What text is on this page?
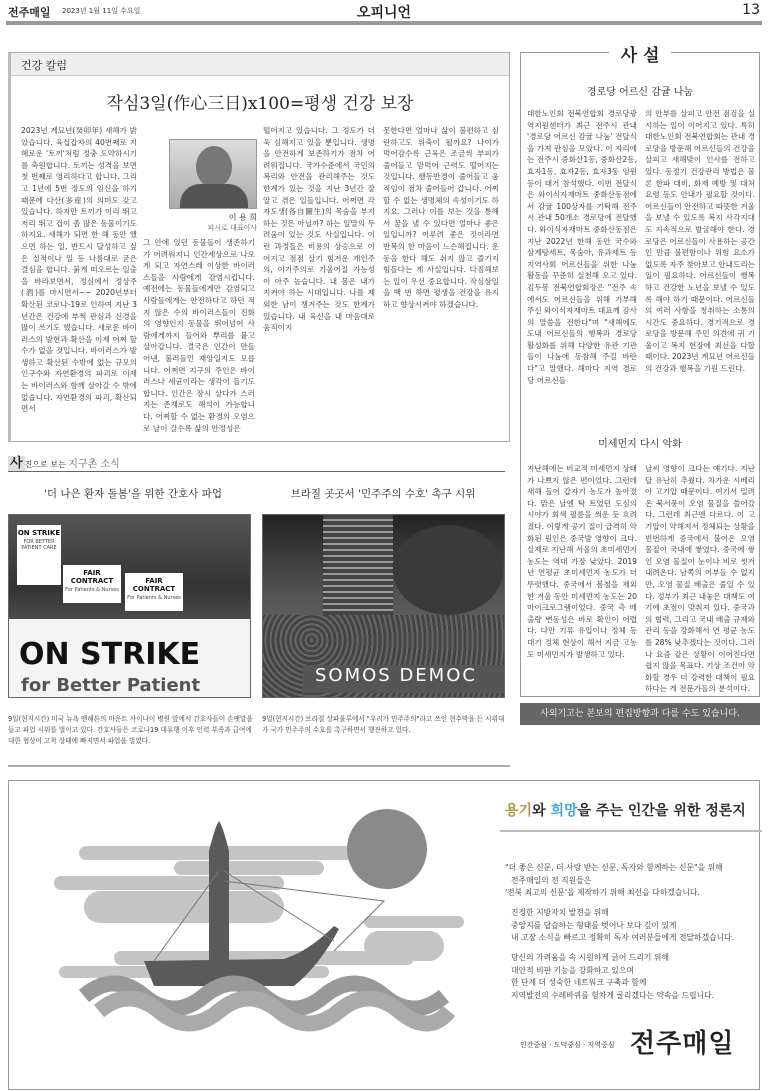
전주매일 2023년 1월 11일 수요일	오피니언	13
건강 칼럼
작심3일(作心三日)x100=평생 건강 보장
2023년 계묘년(癸卯年) 새해가 밝았습니다. 육십갑자의 40번째로 지혜로운 '토끼'처럼 정충 도약하시기를 축원합니다. 토끼는 성격을 보면 첫 번째로 영리하다고 합니다. 그리고 1년에 5번 정도의 임신을 하기 때문에 다산(多産)의 의미도 갖고 있습니다. 하지만 토끼가 이리 뛰고 저리 뛰고 겁이 좀 많은 동물이기도 하지요. 새해가 되면 한 해 동안 했으면 하는 일, 반드시 달성하고 싶은 실적이나 일 등 나름대로 굳은 결심을 합니다. 붉게 떠오르는 일출을 바라보면서, 정심에서 정상주(酒)를 마시면서~~ 2020년부터 확산된 코로나-19로 인하여 지난 3년간은 건강에 부쩍 관심과 신경을 많이 쓰기도 했습니다. 새로운 바이러스의 발현과 확산을 이제 어찌 할 수가 없을 것입니다. 바이러스가 발생하고 확산된 수밖에 없는 규모의 인구수와 자연환경의 파괴로 이제는 바이러스와 함께 살아갈 수 밖에 없습니다. 자연환경의 파괴, 확산되면서
이 용 희
피시로 대표이사
그 안에 있던 동물들이 생존하기가 어려워지니 인간세상으로 나오게 되고 자연스레 이상한 바이러스들을 사람에게 감염시킵니다. 예전에는 동물들에게만 감염되고 사람들에게는 안전하다고 하던 적지 않은 수의 바이러스들이 진화의 영향인지 동물을 뛰어넘어 사람에게까지 들어와 뿌리를 붙고 살아갑니다. 결국은 인간이 만들어낸, 불러들인 재앙일지도 모릅니다. 어쩌면 지구의 주인은 바이러스나 세균이라는 생각이 들기도 합니다. 인간은 잠시 살다가 스러지는 존재로도 해석이 가능합니다. 어찌할 수 없는 환경의 오염으로 날이 갈수록 삶의 안정성은
떨어지고 있습니다. 그 정도가 더욱 심해지고 있을 뿐입니다. 생명을 안전하게 보존하기가 점차 어려워집니다. 국가수준에서 국민의 복리와 안전을 관리해주는 것도 한계가 있는 것을 지난 3년간 잘 알고 겪은 일들입니다. 어쩌면 각자도생(各自圖生)의 목숨을 부지하는 것은 아닐까? 하는 일말의 두려움이 있는 것도 사실입니다. 이런 과정들은 비용의 상승으로 이어지고 점점 살기 힘겨운 개인주의, 이기주의로 기울어질 가능성이 아주 높습니다. 내 몸은 내가 지켜야 하는 시대입니다. 나를 제외한 남이 챙겨주는 것도 한계가 있습니다. 내 육신을 내 마음대로 움직이지
못한다면 얼마나 삶이 불편하고 심란하고도 위축이 될까요? 나이가 먹어감수록 근육은 조금씩 부피가 줄어들고 맘먹어 근력도 떨어지는 것입니다. 행동반경이 줄어들고 움직임이 점차 줄어들어 갑니다. 어찌할 수 없는 생명체의 속성이기도 하지요. 그러나 이를 보는 것을 통해서 꿈을 낼 수 있다면 얼마나 좋은 일입니까? 이루려 좋은 것이라면 반복의 한 마음이 느슨해집니다. 운동을 한다 해도 쉬지 않고 즐기지 힘들다는 게 사실입니다. 다짐해보는 일이 우선 중요합니다. 작심삼일을 백 번 하면 평생을 건강을 유지하고 향상시켜야 하겠습니다.
사 설
경로당 어르신 감귤 나눔
대한노인회 전북연합회 경로당광역지원센터가 최근 전주시 관내 '경로당 어르신 감귤 나눔' 전달식을 가져 관심을 모았다. 이 자리에는 전주시 중화산1동, 중화산2동, 효자1동, 효자2동, 효자3동 임원 등이 대거 참석했다. 이번 전달식은 와이식자재마트 중화산동점에서 감귤 100상자를 기탁해 전주시 관내 50개소 경로당에 전달했다. 와이식자재마트 중화산동점은 지난 2022년 한해 동안 국수와 삼계탕세트, 목숨아, 유과세트 등 지역사회 어르신들을 위한 나눔 활동을 꾸준히 실천해 오고 있다. 김두봉 전북연합회장은 "전주 속에서도 어르신들을 위해 기부해 주신 와이식자재마트 대표께 감사의 말씀을 전한다"며 "새해에도 도내 어르신들의 행복과 경로당 활성화를 위해 다양한 유관 기관들이 나눔에 동참해 주길 바란다"고 말했다. 해마다 지역 경로당 어르신들
의 안부를 살피고 안전 점검을 실시하는 일이 이어지고 있다. 특히 대한노인회 전북연합회는 관내 경로당을 방문해 어르신들의 건강을 살피고 새해맞이 인사를 전하고 있다. 동절기 건강관리 방법은 물론 한파 대비, 화재 예방 및 대처 요령 등도 안내가 필요할 것이다. 어르신들이 안전하고 따뜻한 겨울을 보낼 수 있도록 복지 사각지대도 지속적으로 발굴해야 한다. 경로당은 어르신들이 사용하는 공간인 만큼 불편함이나 위험 요소가 없도록 자주 찾아보고 안내드리는 일이 필요하다. 어르신들이 행복하고 건강한 노년을 보낼 수 있도록 해야 하기 때문이다. 어르신들의 여러 사항을 청취하는 소통의 시간도 중요하다. 경기적으로 경로당을 방문해 주민 의견에 귀 기울이고 복지 현장에 최선을 다할 때이다. 2023년 계묘년 어르신들의 건강과 행복을 기원 드린다.
미세먼지 다시 악화
지난해에는 비교적 미세먼지 상태가 나쁘지 않은 편이었다. 그런데 새해 들어 갑자기 농도가 높아졌다. 맑은 날엔 탁 트였던 도심의 시야가 회색 필름을 씌운 듯 흐려졌다. 이렇게 공기 질이 급격히 악화된 원인은 중국발 영향이 크다. 실제로 지난해 서울의 초미세먼지 농도는 역대 가장 낮았다. 2019년 연평균 초미세먼지 농도가 더 뚜렷했다. 중국에서 봄철을 제외한 겨울 동안 미세먼지 농도는 20마이크로그램이었다. 중국 측 배출량 변동성은 바로 확인이 어렵다. 다만 기류 유입이나 정체 등 대기 정체 현상이 해서 지금 고농도 미세먼지가 발생하고 있다.
날씨 영향이 크다는 얘기다. 지난달 유난히 추웠다. 차가운 시베리아 고기압 때문이다. 여기서 밀려온 북서풍이 오염 물질을 쓸어갔다. 그런데 최근엔 다르다. 이 고기압이 약해져서 정체되는 상황을 빈번하게 중국에서 불어온 오염 물질이 국내에 쌓였다. 중국에 쌓인 오염 물질이 눈이나 비로 씻겨 내려온다. 남쪽의 어부들 수 없지만, 오염 물질 배출은 줄일 수 있다. 정부가 최근 내놓은 대책도 여기에 초점이 맞춰져 있다. 중국과의 협력, 그리고 국내 배출 규제와 관리 등을 강화해서 연 평균 농도를 28% 낮추겠다는 것이다. 그러나 요즘 같은 상황이 이어진다면 쉽지 않을 목표다. 기상 조건이 악화할 경우 더 강력한 대책이 필요하다는 게 전문가들의 분석이다.
사외기고는 본보의 편집방향과 다를 수도 있습니다.
사 진으로 보는 지구촌 소식
'더 나은 환자 돌봄'을 위한 간호사 파업	브라질 곳곳서 '민주주의 수호' 촉구 시위
ON STRIKE
FOR BETTER PATIENT CARE
FAIR CONTRACT
For Patients & Nurses
FAIR CONTRACT
For Patients & Nurses
ON STRIKE
for Better Patient	SOMOS DEMOC
9일(현지시간) 미국 뉴욕 맨해튼의 마운트 사이나이 병원 앞에서 간호사들이 손팻말을 들고 파업 시위를 벌이고 있다. 간호사들은 코로나19 대유행 이후 인력 부족과 급여에 대한 협상이 고착 상태에 빠지면서 파업을 벌였다.
9일(현지시간) 브라질 상파울루에서 "우리가 민주주의"라고 쓰인 현수막을 든 시위대가 국가 민주주의 수호를 촉구하면서 행진하고 있다.
용기와 희망을 주는 인간을 위한 정론지
"더 좋은 신문, 더 사랑 받는 신문, 독자와 함께하는 신문"을 위해
전주매일의 전 직원들은
'전북 최고의 신문'을 제작하기 위해 최선을 다하겠습니다.
진정한 지방자치 발전을 위해
중앙지를 답습하는 형태를 벗어나 보다 깊이 있게
내 고장 소식을 빠르고 정확히 독자 여러분들에게 전달하겠습니다.
당신의 가려움을 속 시원하게 긁어 드리기 위해
대안적 비판 기능을 강화하고 있으며
한 단계 더 성숙한 네트워크 구축과 함께
지역발전의 수레바퀴를 힘차게 굴리겠다는 약속을 드립니다.
인간중심 · 도덕중심 · 지역중심 전주매일
